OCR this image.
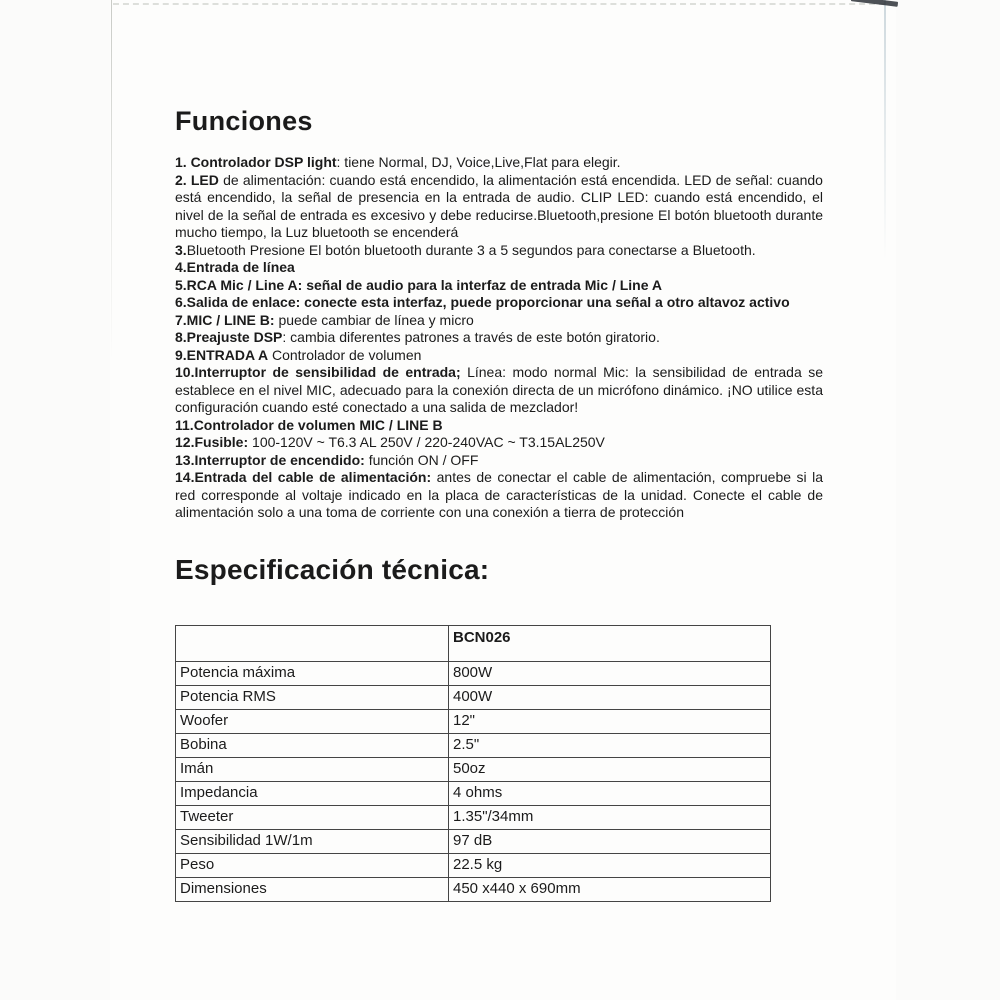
Funciones

1. Controlador DSP light: tiene Normal, DJ, Voice,Live,Flat para elegir.

2. LED de alimentación: cuando está encendido, la alimentación está encendida. LED de señal: cuando está encendido, la señal de presencia en la entrada de audio. CLIP LED: cuando está encendido, el nivel de la señal de entrada es excesivo y debe reducirse.Bluetooth,presione El botón bluetooth durante mucho tiempo, la Luz bluetooth se encenderá

3.Bluetooth Presione El botón bluetooth durante 3 a 5 segundos para conectarse a Bluetooth.

4.Entrada de línea

5.RCA Mic / Line A: señal de audio para la interfaz de entrada Mic / Line A

6.Salida de enlace: conecte esta interfaz, puede proporcionar una señal a otro altavoz activo

7.MIC / LINE B: puede cambiar de línea y micro

8.Preajuste DSP: cambia diferentes patrones a través de este botón giratorio.

9.ENTRADA A Controlador de volumen

10.Interruptor de sensibilidad de entrada; Línea: modo normal Mic: la sensibilidad de entrada se establece en el nivel MIC, adecuado para la conexión directa de un micrófono dinámico. ¡NO utilice esta configuración cuando esté conectado a una salida de mezclador!

11.Controlador de volumen MIC / LINE B

12.Fusible: 100-120V ~ T6.3 AL 250V / 220-240VAC ~ T3.15AL250V

13.Interruptor de encendido: función ON / OFF

14.Entrada del cable de alimentación: antes de conectar el cable de alimentación, compruebe si la red corresponde al voltaje indicado en la placa de características de la unidad. Conecte el cable de alimentación solo a una toma de corriente con una conexión a tierra de protección

Especificación técnica:
	BCN026
Potencia máxima	800W
Potencia RMS	400W
Woofer	12"
Bobina	2.5"
Imán	50oz
Impedancia	4 ohms
Tweeter	1.35"/34mm
Sensibilidad 1W/1m	97 dB
Peso	22.5 kg
Dimensiones	450 x440 x 690mm
